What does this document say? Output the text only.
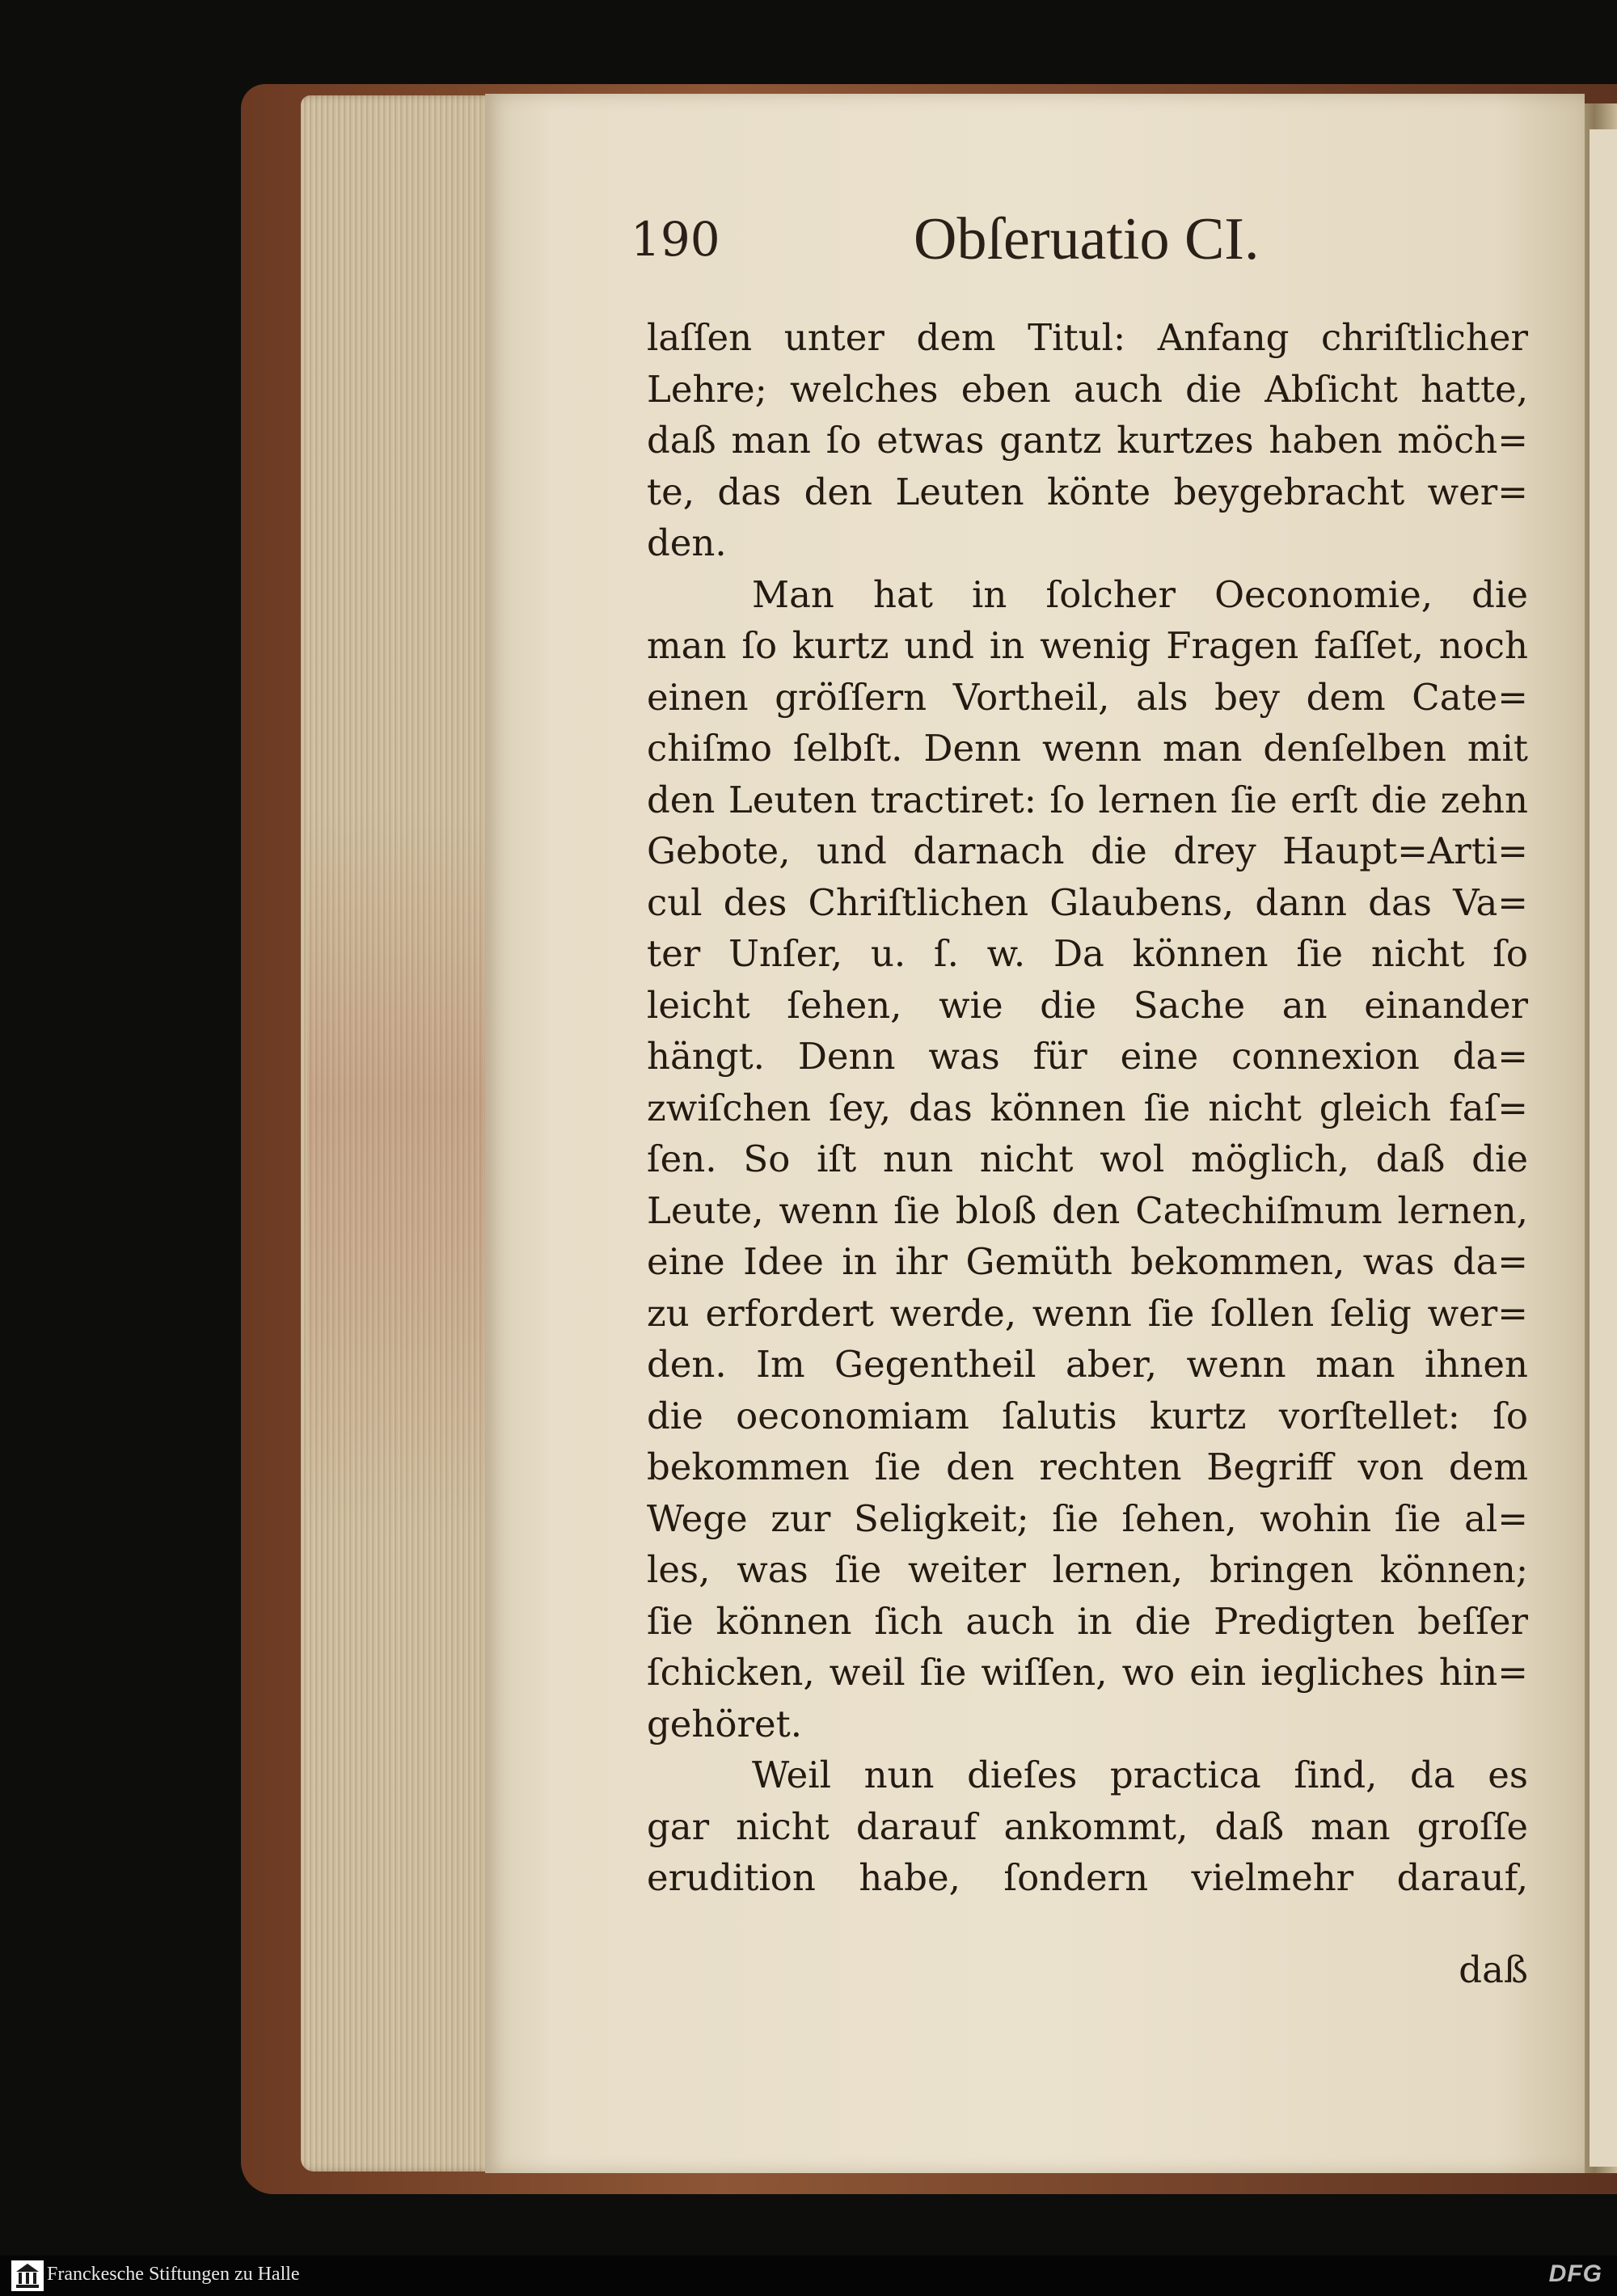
190	Obſeruatio CI.
laſſen unter dem Titul: Anfang chriſtlicher
Lehre; welches eben auch die Abſicht hatte,
daß man ſo etwas gantz kurtzes haben möch=
te, das den Leuten könte beygebracht wer=
den.
Man hat in ſolcher Oeconomie, die
man ſo kurtz und in wenig Fragen faſſet, noch
einen gröſſern Vortheil, als bey dem Cate=
chiſmo ſelbſt. Denn wenn man denſelben mit
den Leuten tractiret: ſo lernen ſie erſt die zehn
Gebote, und darnach die drey Haupt=Arti=
cul des Chriſtlichen Glaubens, dann das Va=
ter Unſer, u. ſ. w. Da können ſie nicht ſo
leicht ſehen, wie die Sache an einander
hängt. Denn was für eine connexion da=
zwiſchen ſey, das können ſie nicht gleich faſ=
ſen. So iſt nun nicht wol möglich, daß die
Leute, wenn ſie bloß den Catechiſmum lernen,
eine Idee in ihr Gemüth bekommen, was da=
zu erfordert werde, wenn ſie ſollen ſelig wer=
den. Im Gegentheil aber, wenn man ihnen
die oeconomiam ſalutis kurtz vorſtellet: ſo
bekommen ſie den rechten Begriff von dem
Wege zur Seligkeit; ſie ſehen, wohin ſie al=
les, was ſie weiter lernen, bringen können;
ſie können ſich auch in die Predigten beſſer
ſchicken, weil ſie wiſſen, wo ein iegliches hin=
gehöret.
Weil nun dieſes practica ſind, da es
gar nicht darauf ankommt, daß man groſſe
erudition habe, ſondern vielmehr darauf,
daß
Franckesche Stiftungen zu Halle	DFG
